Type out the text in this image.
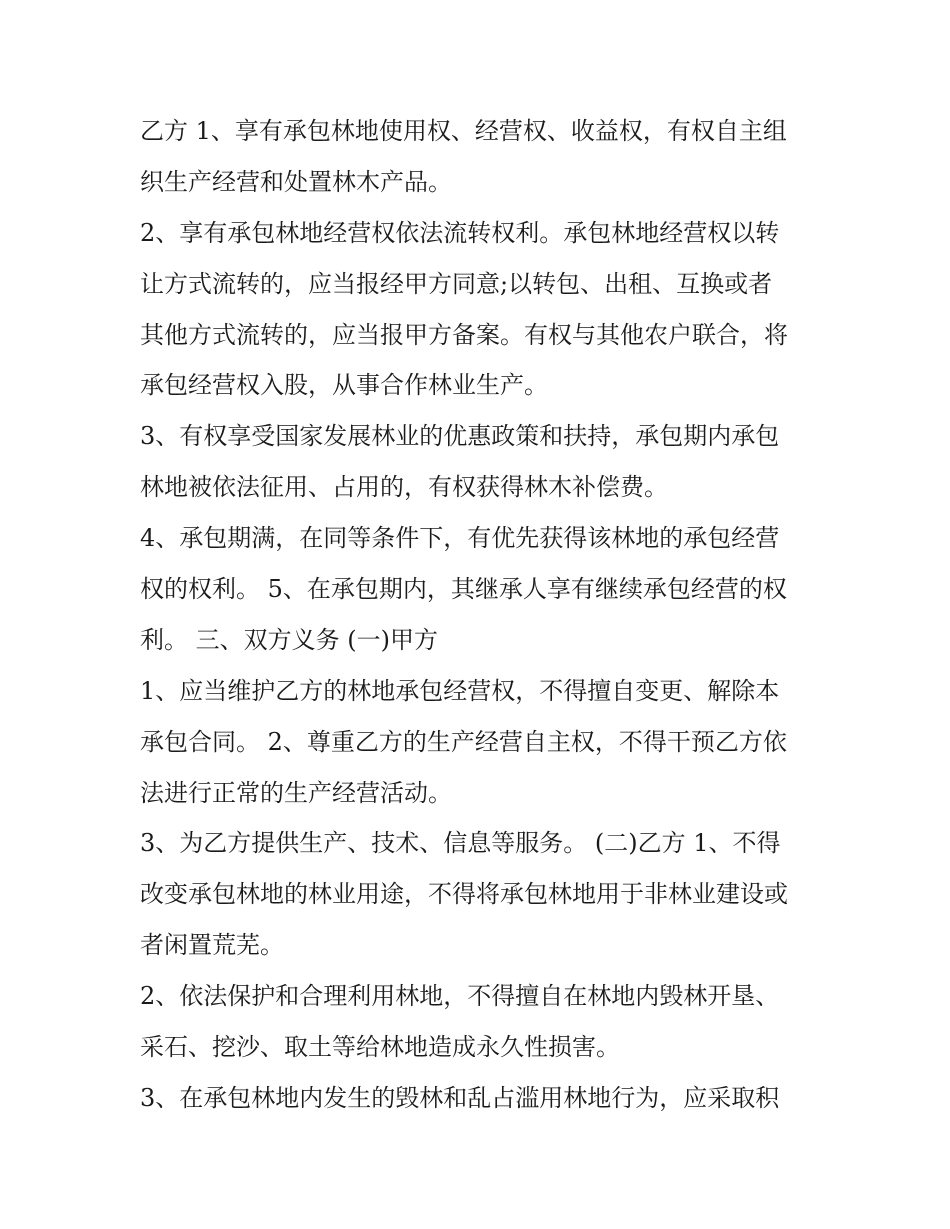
乙方 1、享有承包林地使用权、经营权、收益权，有权自主组
织生产经营和处置林木产品。
2、享有承包林地经营权依法流转权利。承包林地经营权以转
让方式流转的，应当报经甲方同意;以转包、出租、互换或者
其他方式流转的，应当报甲方备案。有权与其他农户联合，将
承包经营权入股，从事合作林业生产。
3、有权享受国家发展林业的优惠政策和扶持，承包期内承包
林地被依法征用、占用的，有权获得林木补偿费。
4、承包期满，在同等条件下，有优先获得该林地的承包经营
权的权利。 5、在承包期内，其继承人享有继续承包经营的权
利。 三、双方义务 (一)甲方
1、应当维护乙方的林地承包经营权，不得擅自变更、解除本
承包合同。 2、尊重乙方的生产经营自主权，不得干预乙方依
法进行正常的生产经营活动。
3、为乙方提供生产、技术、信息等服务。 (二)乙方 1、不得
改变承包林地的林业用途，不得将承包林地用于非林业建设或
者闲置荒芜。
2、依法保护和合理利用林地，不得擅自在林地内毁林开垦、
采石、挖沙、取土等给林地造成永久性损害。
3、在承包林地内发生的毁林和乱占滥用林地行为，应采取积
